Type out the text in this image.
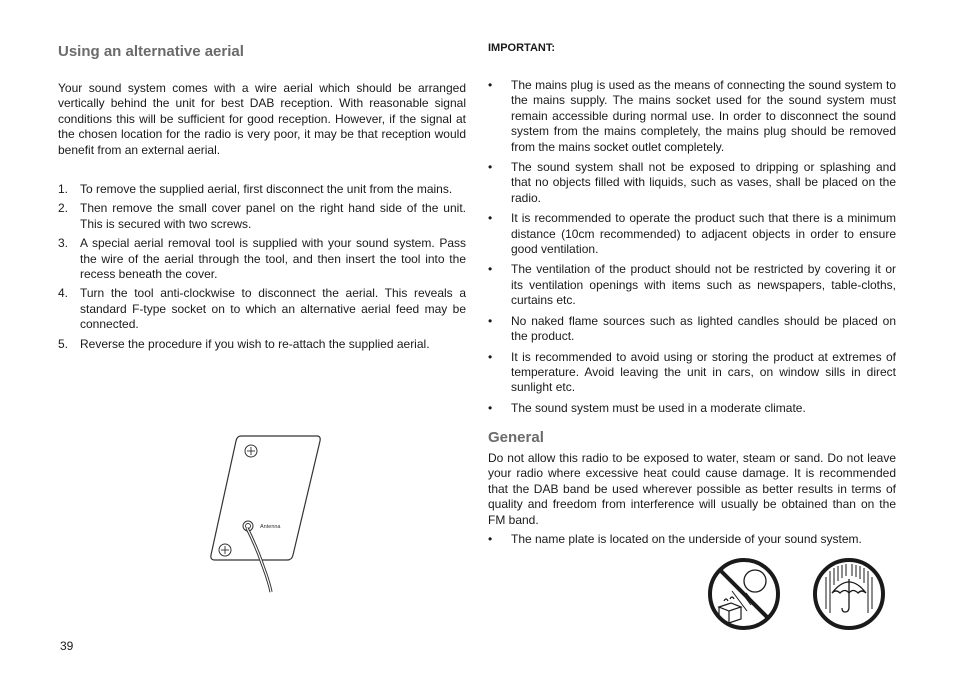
Using an alternative aerial

Your sound system comes with a wire aerial which should be arranged vertically behind the unit for best DAB reception. With reasonable signal conditions this will be sufficient for good reception. However, if the signal at the chosen location for the radio is very poor, it may be that reception would benefit from an external aerial.

1. To remove the supplied aerial, first disconnect the unit from the mains.
2. Then remove the small cover panel on the right hand side of the unit. This is secured with two screws.
3. A special aerial removal tool is supplied with your sound system. Pass the wire of the aerial through the tool, and then insert the tool into the recess beneath the cover.
4. Turn the tool anti-clockwise to disconnect the aerial. This reveals a standard F-type socket on to which an alternative aerial feed may be connected.
5. Reverse the procedure if you wish to re-attach the supplied aerial.
Antenna
IMPORTANT:
• The mains plug is used as the means of connecting the sound system to the mains supply. The mains socket used for the sound system must remain accessible during normal use. In order to disconnect the sound system from the mains completely, the mains plug should be removed from the mains socket outlet completely.
• The sound system shall not be exposed to dripping or splashing and that no objects filled with liquids, such as vases, shall be placed on the radio.
• It is recommended to operate the product such that there is a minimum distance (10cm recommended) to adjacent objects in order to ensure good ventilation.
• The ventilation of the product should not be restricted by covering it or its ventilation openings with items such as newspapers, table-cloths, curtains etc.
• No naked flame sources such as lighted candles should be placed on the product.
• It is recommended to avoid using or storing the product at extremes of temperature. Avoid leaving the unit in cars, on window sills in direct sunlight etc.
• The sound system must be used in a moderate climate.
General

Do not allow this radio to be exposed to water, steam or sand. Do not leave your radio where excessive heat could cause damage. It is recommended that the DAB band be used wherever possible as better results in terms of quality and freedom from interference will usually be obtained than on the FM band.

• The name plate is located on the underside of your sound system.
39
